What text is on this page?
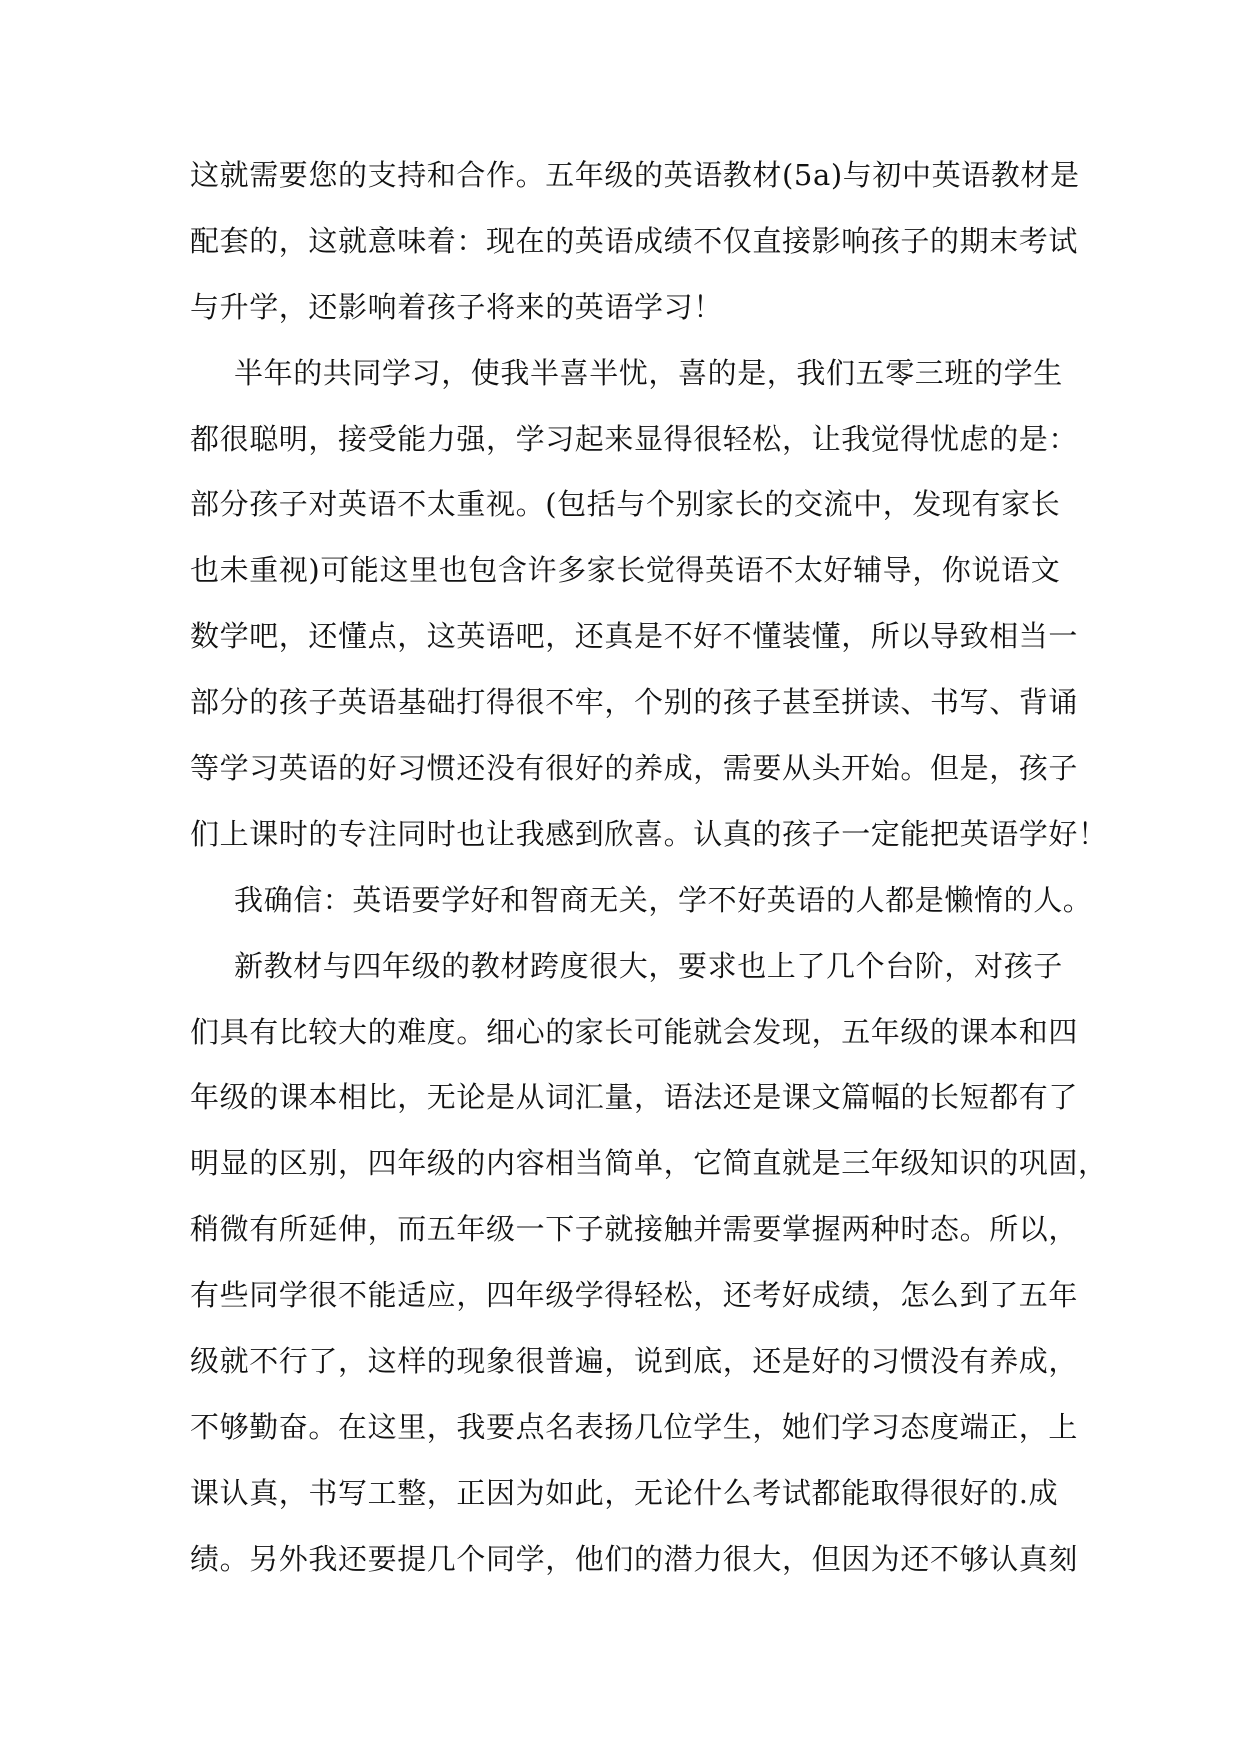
这就需要您的支持和合作。五年级的英语教材(5a)与初中英语教材是
配套的，这就意味着：现在的英语成绩不仅直接影响孩子的期末考试
与升学，还影响着孩子将来的英语学习！
半年的共同学习，使我半喜半忧，喜的是，我们五零三班的学生
都很聪明，接受能力强，学习起来显得很轻松，让我觉得忧虑的是：
部分孩子对英语不太重视。(包括与个别家长的交流中，发现有家长
也未重视)可能这里也包含许多家长觉得英语不太好辅导，你说语文
数学吧，还懂点，这英语吧，还真是不好不懂装懂，所以导致相当一
部分的孩子英语基础打得很不牢，个别的孩子甚至拼读、书写、背诵
等学习英语的好习惯还没有很好的养成，需要从头开始。但是，孩子
们上课时的专注同时也让我感到欣喜。认真的孩子一定能把英语学好！
我确信：英语要学好和智商无关，学不好英语的人都是懒惰的人。
新教材与四年级的教材跨度很大，要求也上了几个台阶，对孩子
们具有比较大的难度。细心的家长可能就会发现，五年级的课本和四
年级的课本相比，无论是从词汇量，语法还是课文篇幅的长短都有了
明显的区别，四年级的内容相当简单，它简直就是三年级知识的巩固，
稍微有所延伸，而五年级一下子就接触并需要掌握两种时态。所以，
有些同学很不能适应，四年级学得轻松，还考好成绩，怎么到了五年
级就不行了，这样的现象很普遍，说到底，还是好的习惯没有养成，
不够勤奋。在这里，我要点名表扬几位学生，她们学习态度端正，上
课认真，书写工整，正因为如此，无论什么考试都能取得很好的.成
绩。另外我还要提几个同学，他们的潜力很大，但因为还不够认真刻
